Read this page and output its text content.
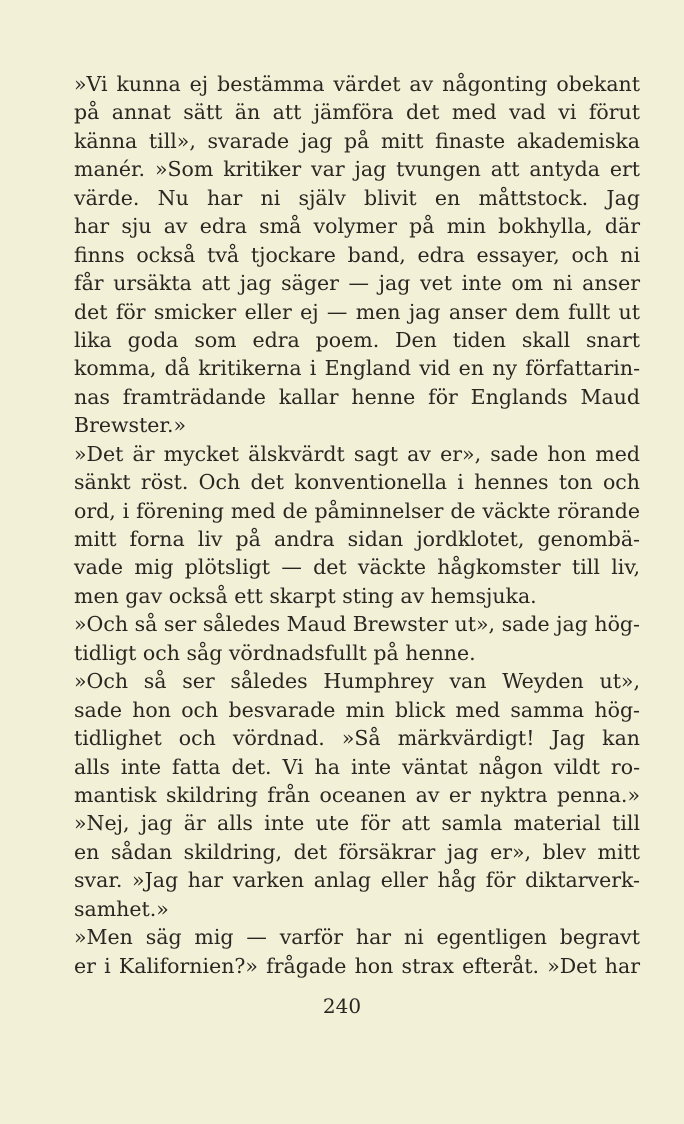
»Vi kunna ej bestämma värdet av någonting obekant
på annat sätt än att jämföra det med vad vi förut
känna till», svarade jag på mitt finaste akademiska
manér. »Som kritiker var jag tvungen att antyda ert
värde. Nu har ni själv blivit en måttstock. Jag
har sju av edra små volymer på min bokhylla, där
finns också två tjockare band, edra essayer, och ni
får ursäkta att jag säger — jag vet inte om ni anser
det för smicker eller ej — men jag anser dem fullt ut
lika goda som edra poem. Den tiden skall snart
komma, då kritikerna i England vid en ny författarin-
nas framträdande kallar henne för Englands Maud
Brewster.»
»Det är mycket älskvärdt sagt av er», sade hon med
sänkt röst. Och det konventionella i hennes ton och
ord, i förening med de påminnelser de väckte rörande
mitt forna liv på andra sidan jordklotet, genombä-
vade mig plötsligt — det väckte hågkomster till liv,
men gav också ett skarpt sting av hemsjuka.
»Och så ser således Maud Brewster ut», sade jag hög-
tidligt och såg vördnadsfullt på henne.
»Och så ser således Humphrey van Weyden ut»,
sade hon och besvarade min blick med samma hög-
tidlighet och vördnad. »Så märkvärdigt! Jag kan
alls inte fatta det. Vi ha inte väntat någon vildt ro-
mantisk skildring från oceanen av er nyktra penna.»
»Nej, jag är alls inte ute för att samla material till
en sådan skildring, det försäkrar jag er», blev mitt
svar. »Jag har varken anlag eller håg för diktarverk-
samhet.»
»Men säg mig — varför har ni egentligen begravt
er i Kalifornien?» frågade hon strax efteråt. »Det har
240
